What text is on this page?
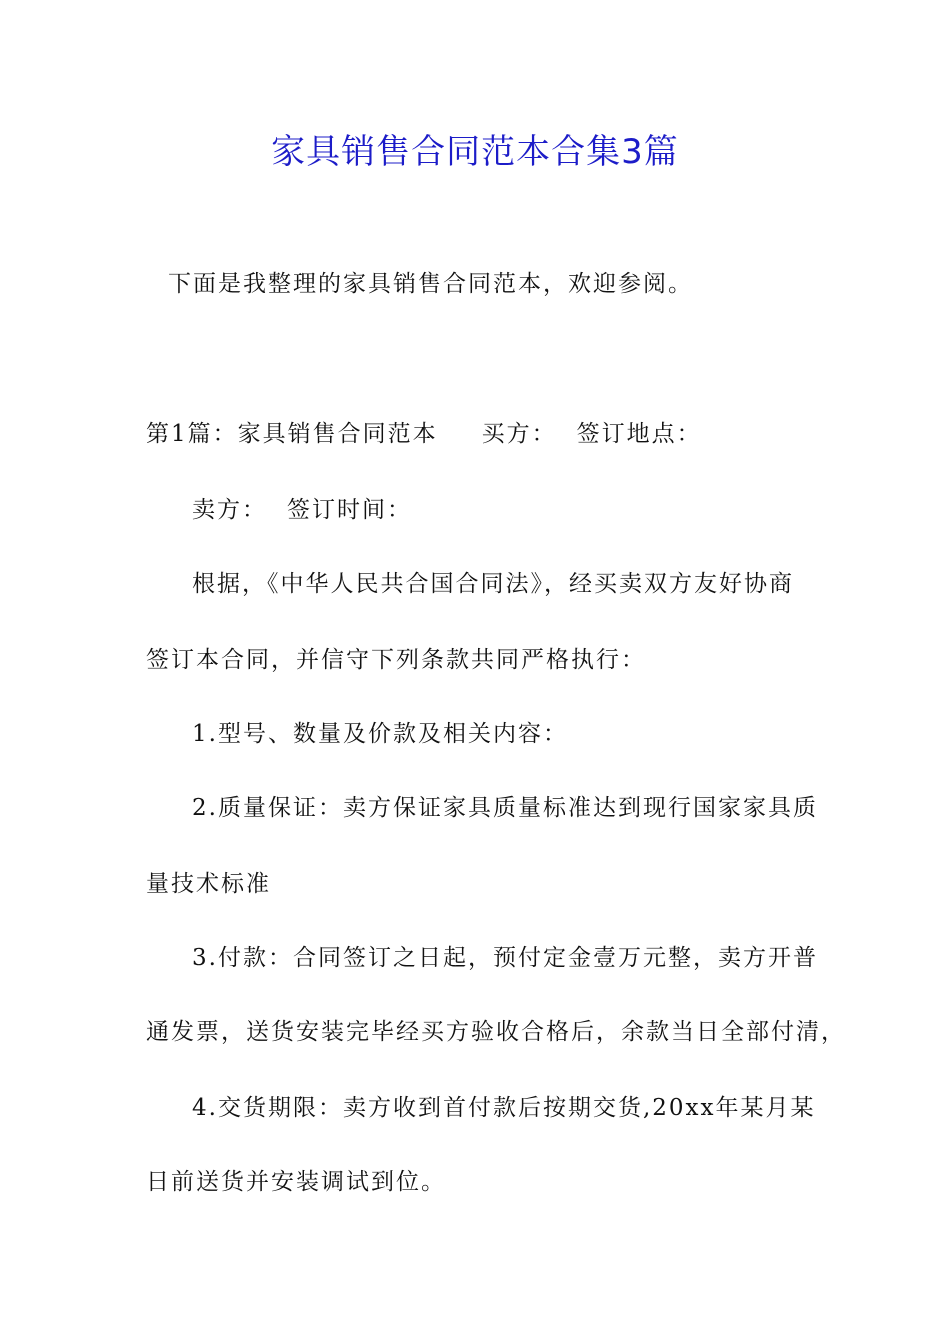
家具销售合同范本合集3篇
下面是我整理的家具销售合同范本，欢迎参阅。
第1篇：家具销售合同范本 买方： 签订地点：
卖方： 签订时间：
根据，《中华人民共合国合同法》，经买卖双方友好协商
签订本合同，并信守下列条款共同严格执行：
1.型号、数量及价款及相关内容：
2.质量保证：卖方保证家具质量标准达到现行国家家具质
量技术标准
3.付款：合同签订之日起，预付定金壹万元整，卖方开普
通发票，送货安装完毕经买方验收合格后，余款当日全部付清，
4.交货期限：卖方收到首付款后按期交货,20xx年某月某
日前送货并安装调试到位。
